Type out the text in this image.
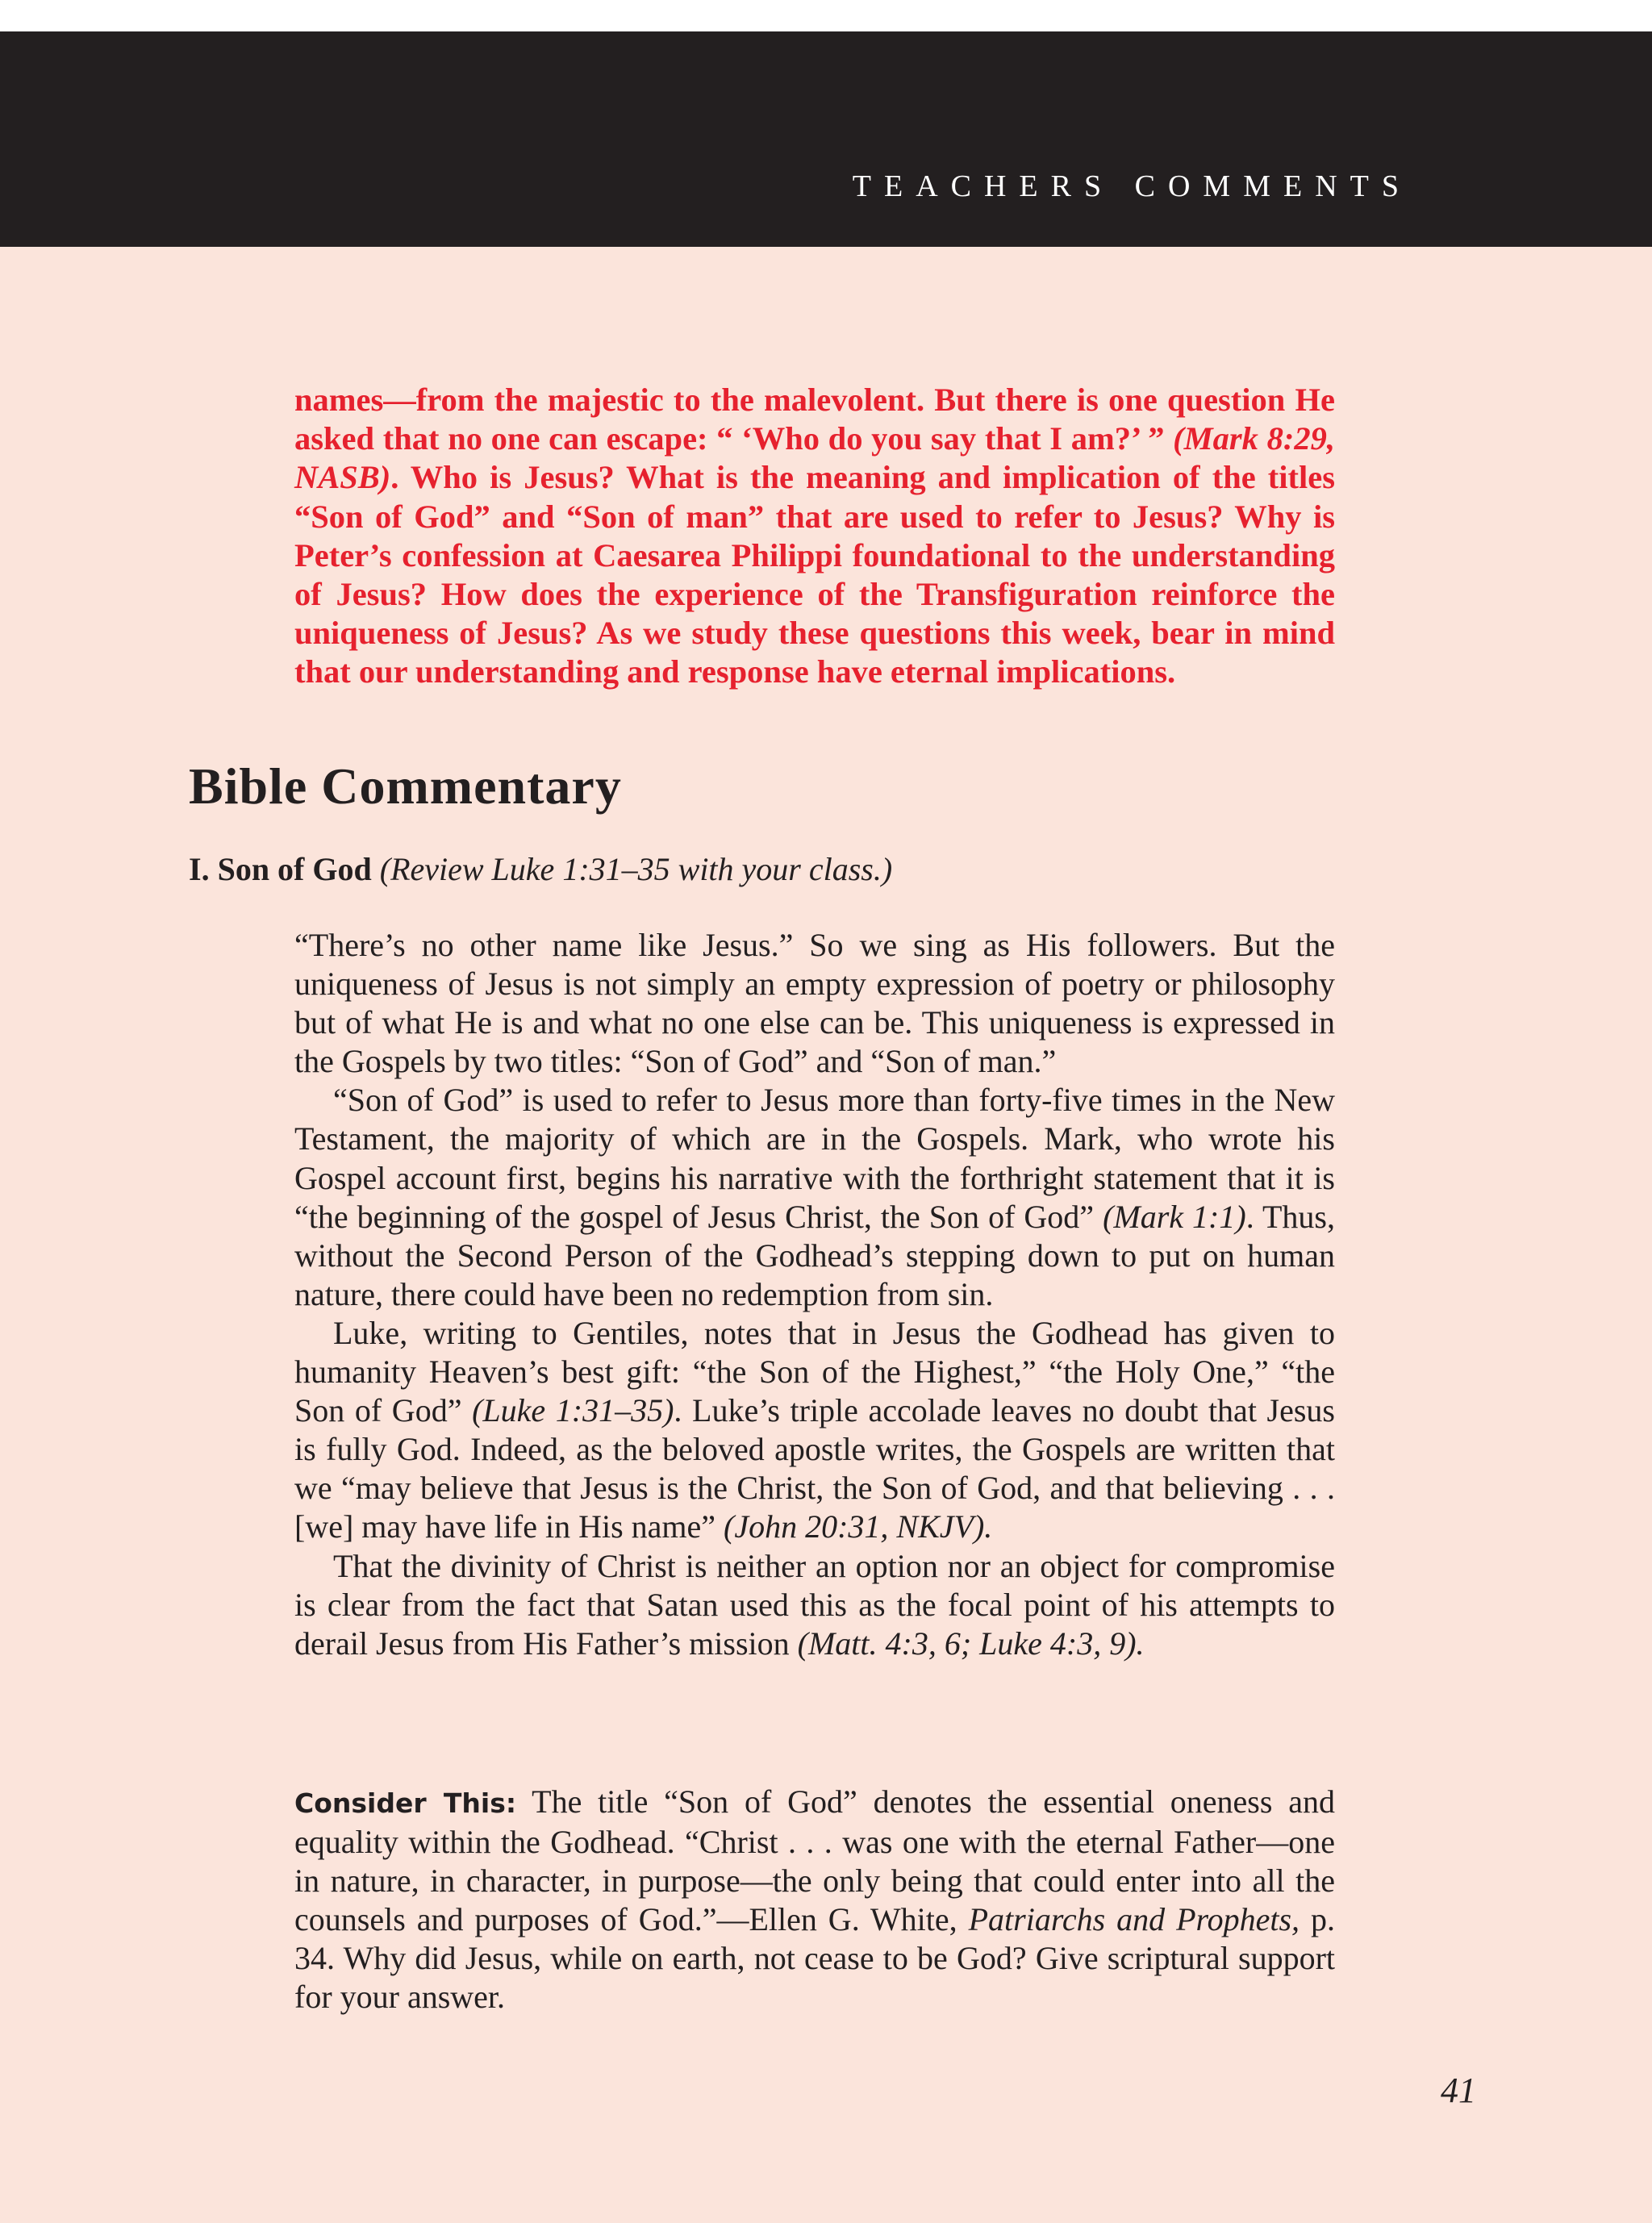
TEACHERS COMMENTS

names—from the majestic to the malevolent. But there is one question He asked that no one can escape: “ ‘Who do you say that I am?’ ” (Mark 8:29, NASB). Who is Jesus? What is the meaning and implication of the titles “Son of God” and “Son of man” that are used to refer to Jesus? Why is Peter’s confession at Caesarea Philippi foundational to the understanding of Jesus? How does the experience of the Transfiguration reinforce the uniqueness of Jesus? As we study these questions this week, bear in mind that our understanding and response have eternal implications.

Bible Commentary
I. Son of God (Review Luke 1:31–35 with your class.)

“There’s no other name like Jesus.” So we sing as His followers. But the uniqueness of Jesus is not simply an empty expression of poetry or philosophy but of what He is and what no one else can be. This uniqueness is expressed in the Gospels by two titles: “Son of God” and “Son of man.”

“Son of God” is used to refer to Jesus more than forty-five times in the New Testament, the majority of which are in the Gospels. Mark, who wrote his Gospel account first, begins his narrative with the forthright statement that it is “the beginning of the gospel of Jesus Christ, the Son of God” (Mark 1:1). Thus, without the Second Person of the Godhead’s stepping down to put on human nature, there could have been no redemption from sin.

Luke, writing to Gentiles, notes that in Jesus the Godhead has given to humanity Heaven’s best gift: “the Son of the Highest,” “the Holy One,” “the Son of God” (Luke 1:31–35). Luke’s triple accolade leaves no doubt that Jesus is fully God. Indeed, as the beloved apostle writes, the Gospels are written that we “may believe that Jesus is the Christ, the Son of God, and that believing . . . [we] may have life in His name” (John 20:31, NKJV).

That the divinity of Christ is neither an option nor an object for compromise is clear from the fact that Satan used this as the focal point of his attempts to derail Jesus from His Father’s mission (Matt. 4:3, 6; Luke 4:3, 9).

Consider This: The title “Son of God” denotes the essential oneness and equality within the Godhead. “Christ . . . was one with the eternal Father—one in nature, in character, in purpose—the only being that could enter into all the counsels and purposes of God.”—Ellen G. White, Patriarchs and Prophets, p. 34. Why did Jesus, while on earth, not cease to be God? Give scriptural support for your answer.

41
